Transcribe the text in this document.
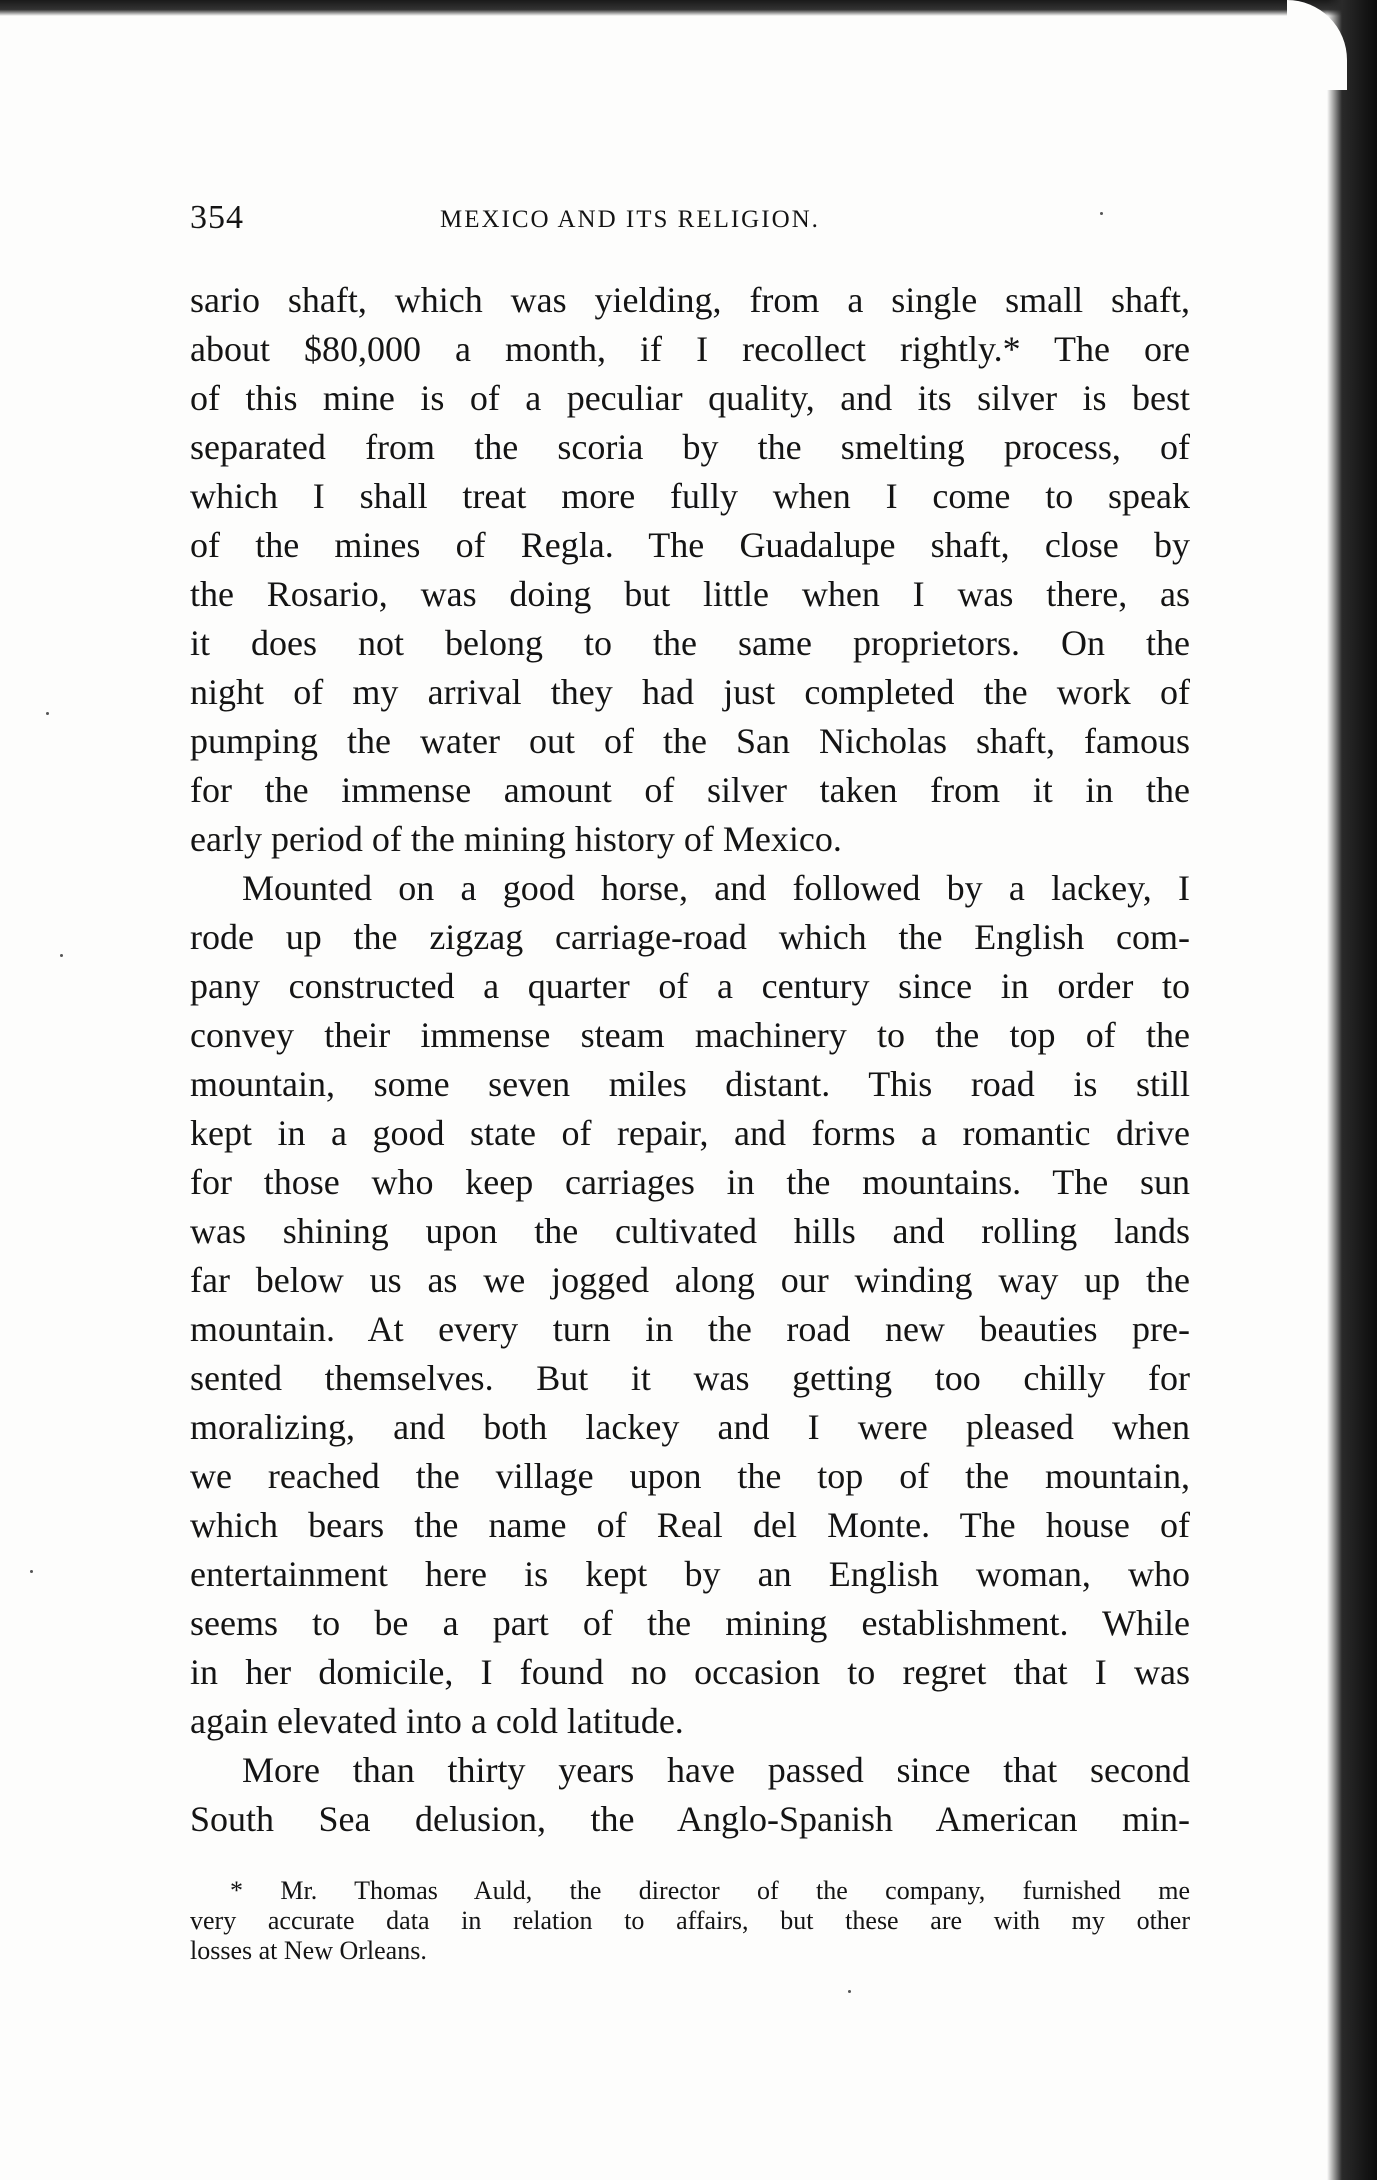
354	MEXICO AND ITS RELIGION.
sario shaft, which was yielding, from a single small shaft,
about $80,000 a month, if I recollect rightly.* The ore
of this mine is of a peculiar quality, and its silver is best
separated from the scoria by the smelting process, of
which I shall treat more fully when I come to speak
of the mines of Regla. The Guadalupe shaft, close by
the Rosario, was doing but little when I was there, as
it does not belong to the same proprietors. On the
night of my arrival they had just completed the work of
pumping the water out of the San Nicholas shaft, famous
for the immense amount of silver taken from it in the
early period of the mining history of Mexico.
Mounted on a good horse, and followed by a lackey, I
rode up the zigzag carriage-road which the English com-
pany constructed a quarter of a century since in order to
convey their immense steam machinery to the top of the
mountain, some seven miles distant. This road is still
kept in a good state of repair, and forms a romantic drive
for those who keep carriages in the mountains. The sun
was shining upon the cultivated hills and rolling lands
far below us as we jogged along our winding way up the
mountain. At every turn in the road new beauties pre-
sented themselves. But it was getting too chilly for
moralizing, and both lackey and I were pleased when
we reached the village upon the top of the mountain,
which bears the name of Real del Monte. The house of
entertainment here is kept by an English woman, who
seems to be a part of the mining establishment. While
in her domicile, I found no occasion to regret that I was
again elevated into a cold latitude.
More than thirty years have passed since that second
South Sea delusion, the Anglo-Spanish American min-
* Mr. Thomas Auld, the director of the company, furnished me
very accurate data in relation to affairs, but these are with my other
losses at New Orleans.
